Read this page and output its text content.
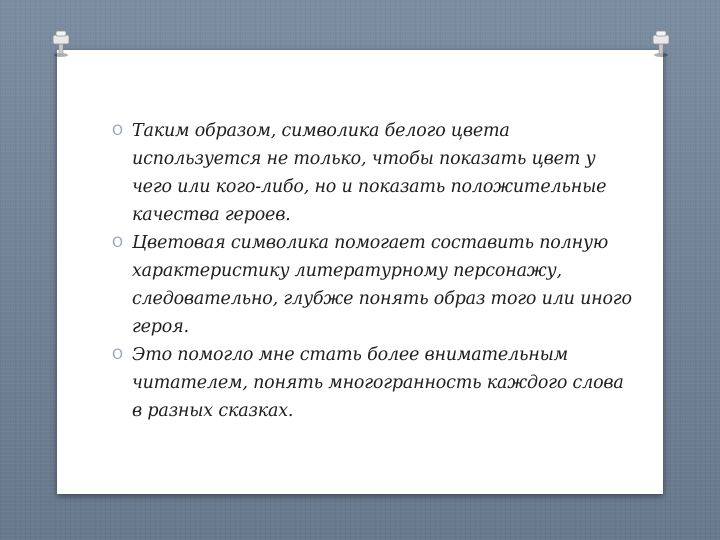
O Таким образом, символика белого цвета используется не только, чтобы показать цвет у чего или кого-либо, но и показать положительные качества героев.

O Цветовая символика помогает составить полную характеристику литературному персонажу, следовательно, глубже понять образ того или иного героя.

O Это помогло мне стать более внимательным читателем, понять многогранность каждого слова в разных сказках.
